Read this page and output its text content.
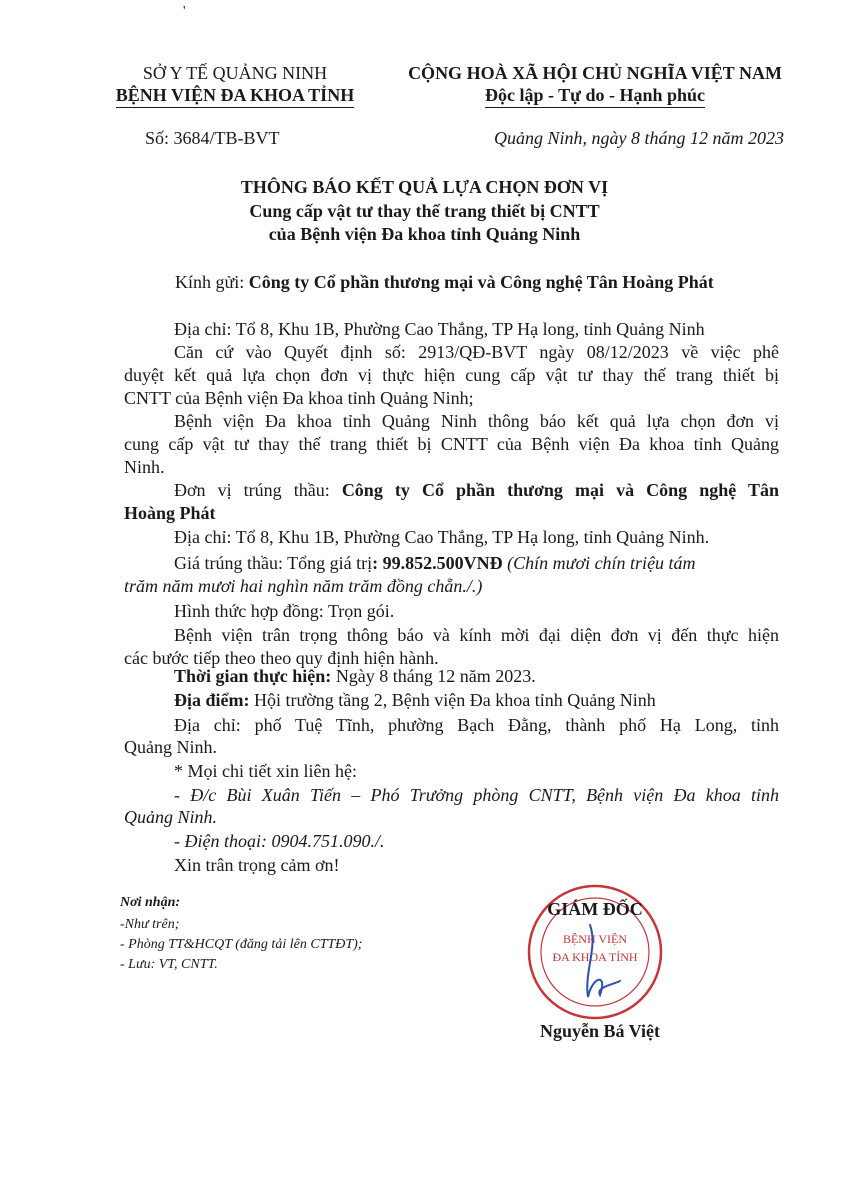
'
SỞ Y TẾ QUẢNG NINH
BỆNH VIỆN ĐA KHOA TỈNH
Số: 3684/TB-BVT
CỘNG HOÀ XÃ HỘI CHỦ NGHĨA VIỆT NAM
Độc lập - Tự do - Hạnh phúc
Quảng Ninh, ngày 8 tháng 12 năm 2023
THÔNG BÁO KẾT QUẢ LỰA CHỌN ĐƠN VỊ
Cung cấp vật tư thay thế trang thiết bị CNTT
của Bệnh viện Đa khoa tỉnh Quảng Ninh
Kính gửi: Công ty Cổ phần thương mại và Công nghệ Tân Hoàng Phát
Địa chỉ: Tổ 8, Khu 1B, Phường Cao Thắng, TP Hạ long, tỉnh Quảng Ninh
Căn cứ vào Quyết định số: 2913/QĐ-BVT ngày 08/12/2023 về việc phê
duyệt kết quả lựa chọn đơn vị thực hiện cung cấp vật tư thay thế trang thiết bị
CNTT của Bệnh viện Đa khoa tỉnh Quảng Ninh;
Bệnh viện Đa khoa tỉnh Quảng Ninh thông báo kết quả lựa chọn đơn vị
cung cấp vật tư thay thế trang thiết bị CNTT của Bệnh viện Đa khoa tỉnh Quảng
Ninh.
Đơn vị trúng thầu: Công ty Cổ phần thương mại và Công nghệ Tân
Hoàng Phát
Địa chỉ: Tổ 8, Khu 1B, Phường Cao Thắng, TP Hạ long, tỉnh Quảng Ninh.
Giá trúng thầu: Tổng giá trị: 99.852.500VNĐ (Chín mươi chín triệu tám
trăm năm mươi hai nghìn năm trăm đồng chẵn./.)
Hình thức hợp đồng: Trọn gói.
Bệnh viện trân trọng thông báo và kính mời đại diện đơn vị đến thực hiện
các bước tiếp theo theo quy định hiện hành.
Thời gian thực hiện: Ngày 8 tháng 12 năm 2023.
Địa điểm: Hội trường tầng 2, Bệnh viện Đa khoa tỉnh Quảng Ninh
Địa chỉ: phố Tuệ Tĩnh, phường Bạch Đằng, thành phố Hạ Long, tỉnh
Quảng Ninh.
* Mọi chi tiết xin liên hệ:
- Đ/c Bùi Xuân Tiến – Phó Trưởng phòng CNTT, Bệnh viện Đa khoa tỉnh
Quảng Ninh.
- Điện thoại: 0904.751.090./.
Xin trân trọng cảm ơn!
Nơi nhận:
-Như trên;
- Phòng TT&HCQT (đăng tải lên CTTĐT);
- Lưu: VT, CNTT.
BỆNH VIỆN
ĐA KHOA TỈNH
GIÁM ĐỐC
Nguyễn Bá Việt
